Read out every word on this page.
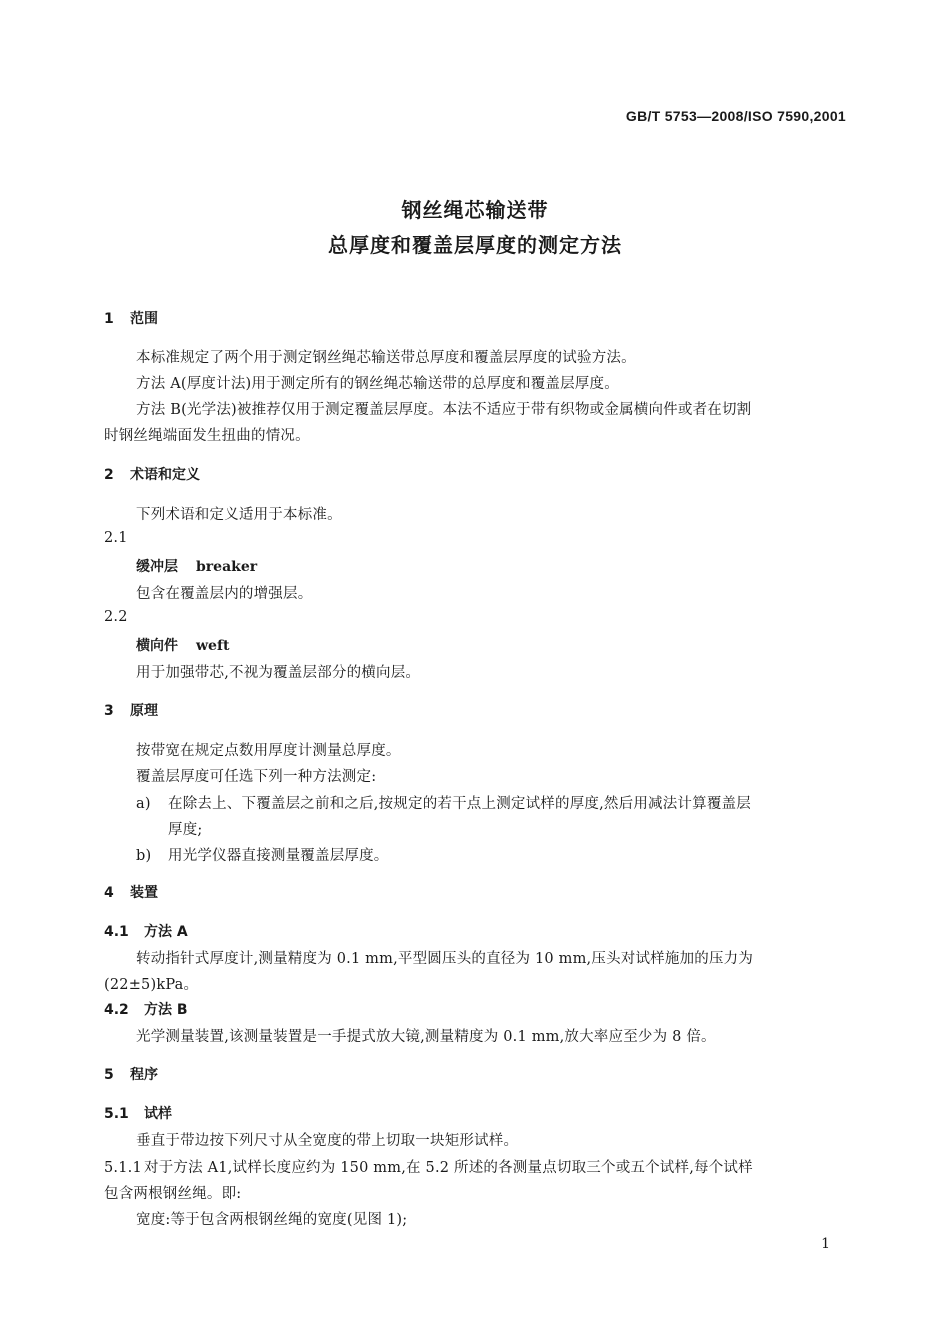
GB/T 5753—2008/ISO 7590,2001
钢丝绳芯输送带
总厚度和覆盖层厚度的测定方法
1 范围
本标准规定了两个用于测定钢丝绳芯输送带总厚度和覆盖层厚度的试验方法。
方法 A(厚度计法)用于测定所有的钢丝绳芯输送带的总厚度和覆盖层厚度。
方法 B(光学法)被推荐仅用于测定覆盖层厚度。本法不适应于带有织物或金属横向件或者在切割
时钢丝绳端面发生扭曲的情况。
2 术语和定义
下列术语和定义适用于本标准。
2.1
缓冲层 breaker
包含在覆盖层内的增强层。
2.2
横向件 weft
用于加强带芯,不视为覆盖层部分的横向层。
3 原理
按带宽在规定点数用厚度计测量总厚度。
覆盖层厚度可任选下列一种方法测定:
a) 在除去上、下覆盖层之前和之后,按规定的若干点上测定试样的厚度,然后用减法计算覆盖层
厚度;
b) 用光学仪器直接测量覆盖层厚度。
4 装置
4.1 方法 A
转动指针式厚度计,测量精度为 0.1 mm,平型圆压头的直径为 10 mm,压头对试样施加的压力为
(22±5)kPa。
4.2 方法 B
光学测量装置,该测量装置是一手提式放大镜,测量精度为 0.1 mm,放大率应至少为 8 倍。
5 程序
5.1 试样
垂直于带边按下列尺寸从全宽度的带上切取一块矩形试样。
5.1.1 对于方法 A1,试样长度应约为 150 mm,在 5.2 所述的各测量点切取三个或五个试样,每个试样
包含两根钢丝绳。即:
宽度:等于包含两根钢丝绳的宽度(见图 1);
1
